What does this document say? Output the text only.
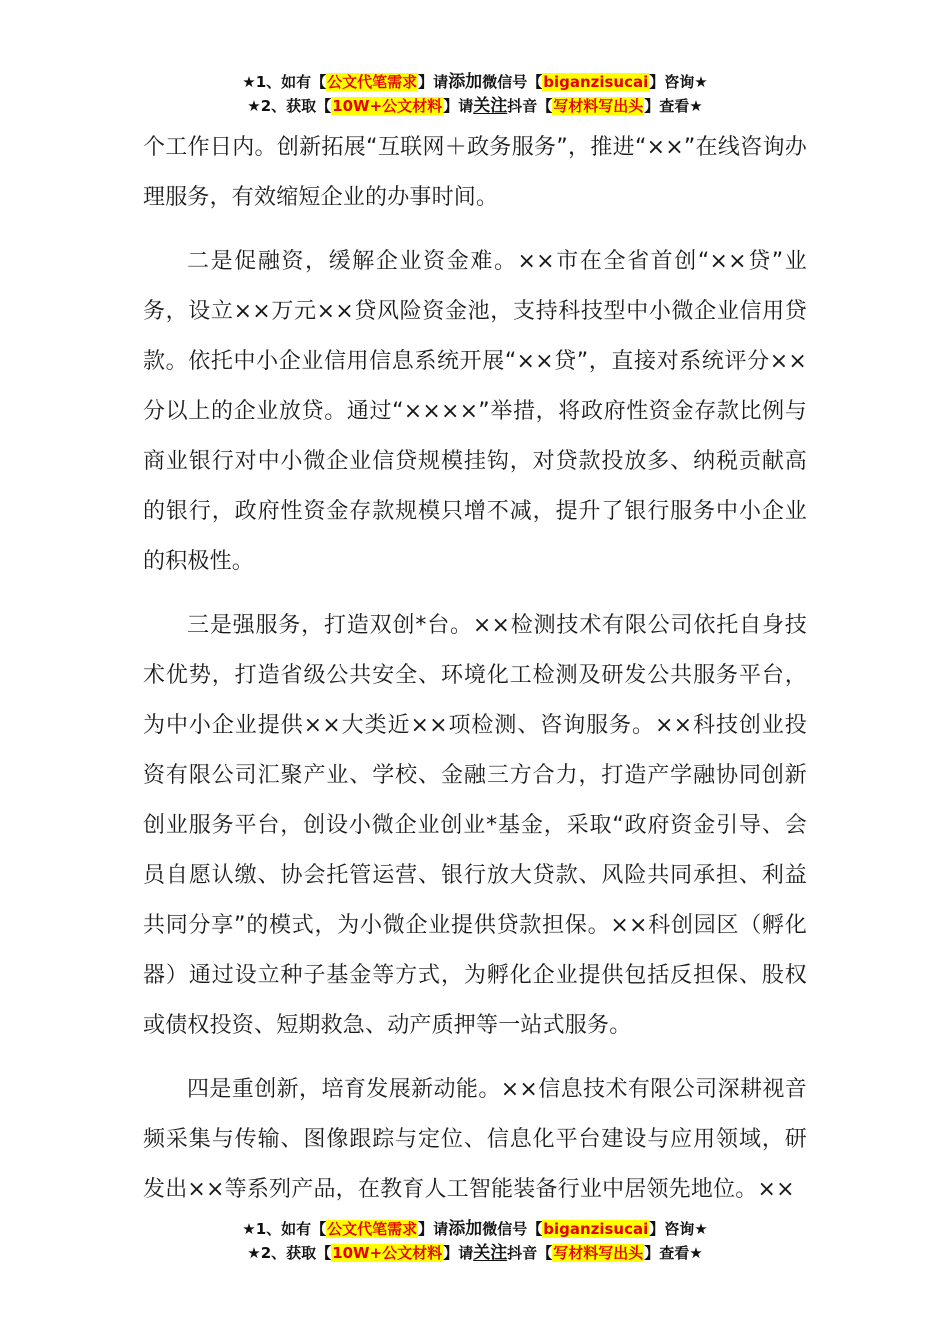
★1、如有【公文代笔需求】请添加微信号【biganzisucai】咨询★
★2、获取【10W+公文材料】请关注抖音【写材料写出头】查看★

个工作日内。创新拓展“互联网＋政务服务”，推进“××”在线咨询办理服务，有效缩短企业的办事时间。

二是促融资，缓解企业资金难。××市在全省首创“××贷”业务，设立××万元××贷风险资金池，支持科技型中小微企业信用贷款。依托中小企业信用信息系统开展“××贷”，直接对系统评分××分以上的企业放贷。通过“××××”举措，将政府性资金存款比例与商业银行对中小微企业信贷规模挂钩，对贷款投放多、纳税贡献高的银行，政府性资金存款规模只增不减，提升了银行服务中小企业的积极性。

三是强服务，打造双创*台。××检测技术有限公司依托自身技术优势，打造省级公共安全、环境化工检测及研发公共服务平台，为中小企业提供××大类近××项检测、咨询服务。××科技创业投资有限公司汇聚产业、学校、金融三方合力，打造产学融协同创新创业服务平台，创设小微企业创业*基金，采取“政府资金引导、会员自愿认缴、协会托管运营、银行放大贷款、风险共同承担、利益共同分享”的模式，为小微企业提供贷款担保。××科创园区（孵化器）通过设立种子基金等方式，为孵化企业提供包括反担保、股权或债权投资、短期救急、动产质押等一站式服务。

四是重创新，培育发展新动能。××信息技术有限公司深耕视音频采集与传输、图像跟踪与定位、信息化平台建设与应用领域，研发出××等系列产品，在教育人工智能装备行业中居领先地位。××

★1、如有【公文代笔需求】请添加微信号【biganzisucai】咨询★
★2、获取【10W+公文材料】请关注抖音【写材料写出头】查看★
